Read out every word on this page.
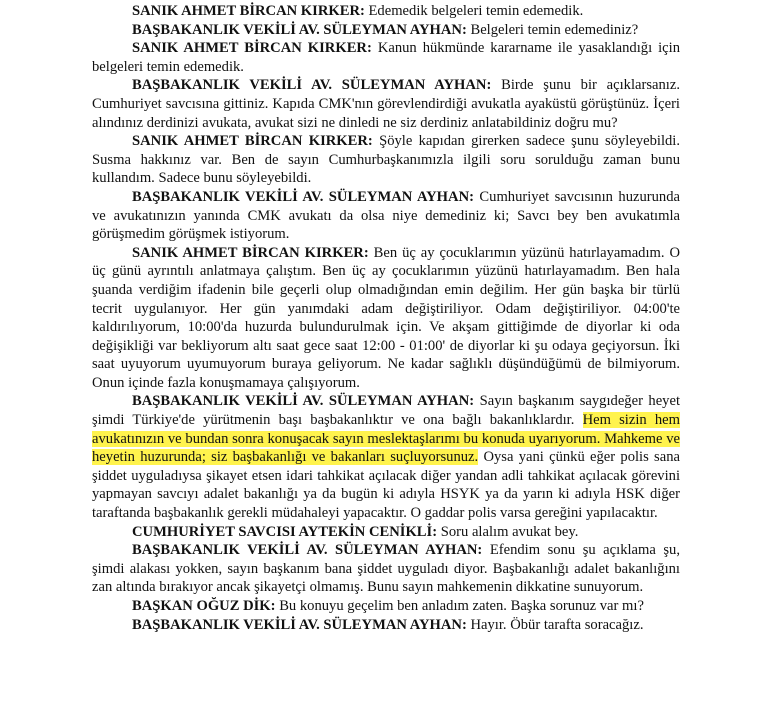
SANIK AHMET BİRCAN KIRKER: Edemedik belgeleri temin edemedik.

BAŞBAKANLIK VEKİLİ AV. SÜLEYMAN AYHAN: Belgeleri temin edemediniz?

SANIK AHMET BİRCAN KIRKER: Kanun hükmünde kararname ile yasaklandığı için belgeleri temin edemedik.

BAŞBAKANLIK VEKİLİ AV. SÜLEYMAN AYHAN: Birde şunu bir açıklarsanız. Cumhuriyet savcısına gittiniz. Kapıda CMK'nın görevlendirdiği avukatla ayaküstü görüştünüz. İçeri alındınız derdinizi avukata, avukat sizi ne dinledi ne siz derdiniz anlatabildiniz doğru mu?

SANIK AHMET BİRCAN KIRKER: Şöyle kapıdan girerken sadece şunu söyleyebildi. Susma hakkınız var. Ben de sayın Cumhurbaşkanımızla ilgili soru sorulduğu zaman bunu kullandım. Sadece bunu söyleyebildi.

BAŞBAKANLIK VEKİLİ AV. SÜLEYMAN AYHAN: Cumhuriyet savcısının huzurunda ve avukatınızın yanında CMK avukatı da olsa niye demediniz ki; Savcı bey ben avukatımla görüşmedim görüşmek istiyorum.

SANIK AHMET BİRCAN KIRKER: Ben üç ay çocuklarımın yüzünü hatırlayamadım. O üç günü ayrıntılı anlatmaya çalıştım. Ben üç ay çocuklarımın yüzünü hatırlayamadım. Ben hala şuanda verdiğim ifadenin bile geçerli olup olmadığından emin değilim. Her gün başka bir türlü tecrit uygulanıyor. Her gün yanımdaki adam değiştiriliyor. Odam değiştiriliyor. 04:00'te kaldırılıyorum, 10:00'da huzurda bulundurulmak için. Ve akşam gittiğimde de diyorlar ki oda değişikliği var bekliyorum altı saat gece saat 12:00 - 01:00' de diyorlar ki şu odaya geçiyorsun. İki saat uyuyorum uyumuyorum buraya geliyorum. Ne kadar sağlıklı düşündüğümü de bilmiyorum. Onun içinde fazla konuşmamaya çalışıyorum.

BAŞBAKANLIK VEKİLİ AV. SÜLEYMAN AYHAN: Sayın başkanım saygıdeğer heyet şimdi Türkiye'de yürütmenin başı başbakanlıktır ve ona bağlı bakanlıklardır. Hem sizin hem avukatınızın ve bundan sonra konuşacak sayın meslektaşlarımı bu konuda uyarıyorum. Mahkeme ve heyetin huzurunda; siz başbakanlığı ve bakanları suçluyorsunuz. Oysa yani çünkü eğer polis sana şiddet uyguladıysa şikayet etsen idari tahkikat açılacak diğer yandan adli tahkikat açılacak görevini yapmayan savcıyı adalet bakanlığı ya da bugün ki adıyla HSYK ya da yarın ki adıyla HSK diğer taraftanda başbakanlık gerekli müdahaleyi yapacaktır. O gaddar polis varsa gereğini yapılacaktır.

CUMHURİYET SAVCISI AYTEKİN CENİKLİ: Soru alalım avukat bey.

BAŞBAKANLIK VEKİLİ AV. SÜLEYMAN AYHAN: Efendim sonu şu açıklama şu, şimdi alakası yokken, sayın başkanım bana şiddet uyguladı diyor. Başbakanlığı adalet bakanlığını zan altında bırakıyor ancak şikayetçi olmamış. Bunu sayın mahkemenin dikkatine sunuyorum.

BAŞKAN OĞUZ DİK: Bu konuyu geçelim ben anladım zaten. Başka sorunuz var mı?

BAŞBAKANLIK VEKİLİ AV. SÜLEYMAN AYHAN: Hayır. Öbür tarafta soracağız.
